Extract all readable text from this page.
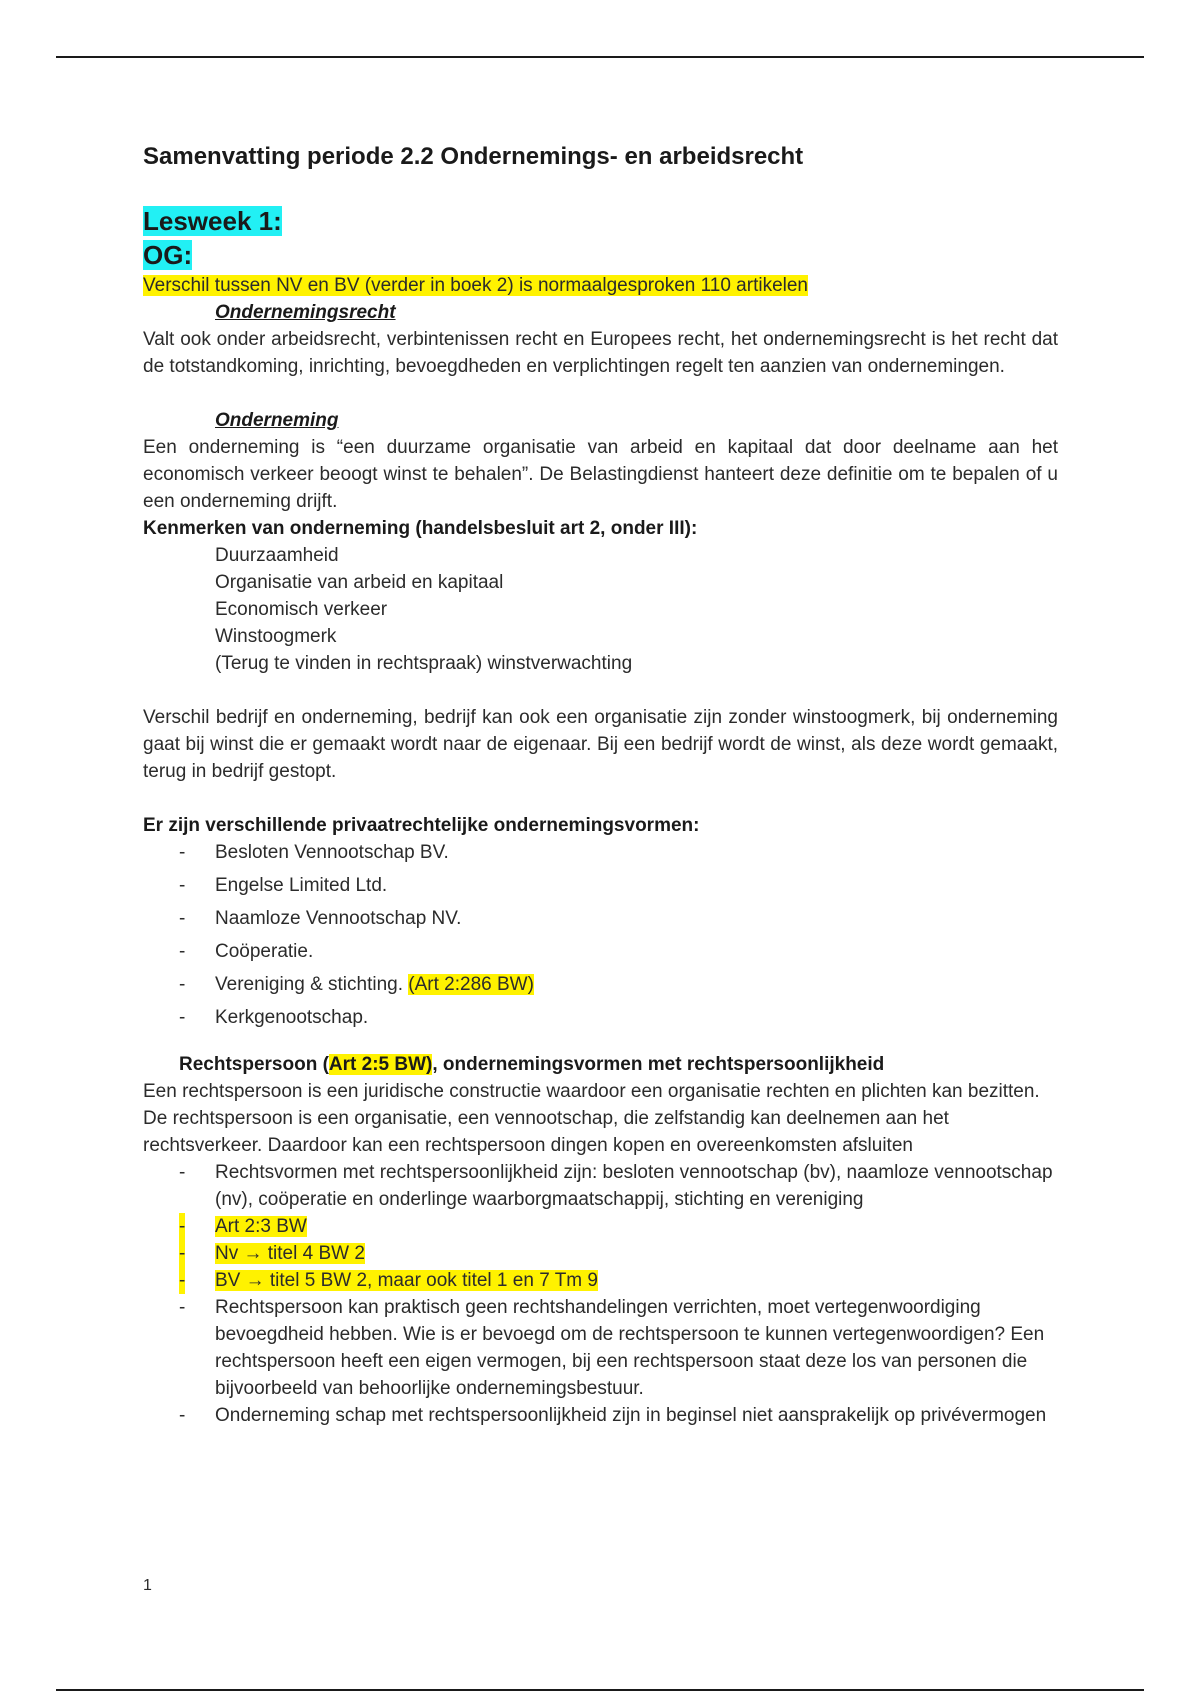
Samenvatting periode 2.2 Ondernemings- en arbeidsrecht
Lesweek 1:
OG:

Verschil tussen NV en BV (verder in boek 2) is normaalgesproken 110 artikelen

Ondernemingsrecht

Valt ook onder arbeidsrecht, verbintenissen recht en Europees recht, het ondernemingsrecht is het recht dat de totstandkoming, inrichting, bevoegdheden en verplichtingen regelt ten aanzien van ondernemingen.

Onderneming

Een onderneming is “een duurzame organisatie van arbeid en kapitaal dat door deelname aan het economisch verkeer beoogt winst te behalen”. De Belastingdienst hanteert deze definitie om te bepalen of u een onderneming drijft.

Kenmerken van onderneming (handelsbesluit art 2, onder III):
Duurzaamheid
Organisatie van arbeid en kapitaal
Economisch verkeer
Winstoogmerk
(Terug te vinden in rechtspraak) winstverwachting

Verschil bedrijf en onderneming, bedrijf kan ook een organisatie zijn zonder winstoogmerk, bij onderneming gaat bij winst die er gemaakt wordt naar de eigenaar. Bij een bedrijf wordt de winst, als deze wordt gemaakt, terug in bedrijf gestopt.

Er zijn verschillende privaatrechtelijke ondernemingsvormen:
- Besloten Vennootschap BV.
- Engelse Limited Ltd.
- Naamloze Vennootschap NV.
- Coöperatie.
- Vereniging & stichting. (Art 2:286 BW)
- Kerkgenootschap.
Rechtspersoon (Art 2:5 BW), ondernemingsvormen met rechtspersoonlijkheid

Een rechtspersoon is een juridische constructie waardoor een organisatie rechten en plichten kan bezitten. De rechtspersoon is een organisatie, een vennootschap, die zelfstandig kan deelnemen aan het rechtsverkeer. Daardoor kan een rechtspersoon dingen kopen en overeenkomsten afsluiten

- Rechtsvormen met rechtspersoonlijkheid zijn: besloten vennootschap (bv), naamloze vennootschap (nv), coöperatie en onderlinge waarborgmaatschappij, stichting en vereniging
- Art 2:3 BW
- Nv → titel 4 BW 2
- BV → titel 5 BW 2, maar ook titel 1 en 7 Tm 9
- Rechtspersoon kan praktisch geen rechtshandelingen verrichten, moet vertegenwoordiging bevoegdheid hebben. Wie is er bevoegd om de rechtspersoon te kunnen vertegenwoordigen? Een rechtspersoon heeft een eigen vermogen, bij een rechtspersoon staat deze los van personen die bijvoorbeeld van behoorlijke ondernemingsbestuur.
- Onderneming schap met rechtspersoonlijkheid zijn in beginsel niet aansprakelijk op privévermogen
1
